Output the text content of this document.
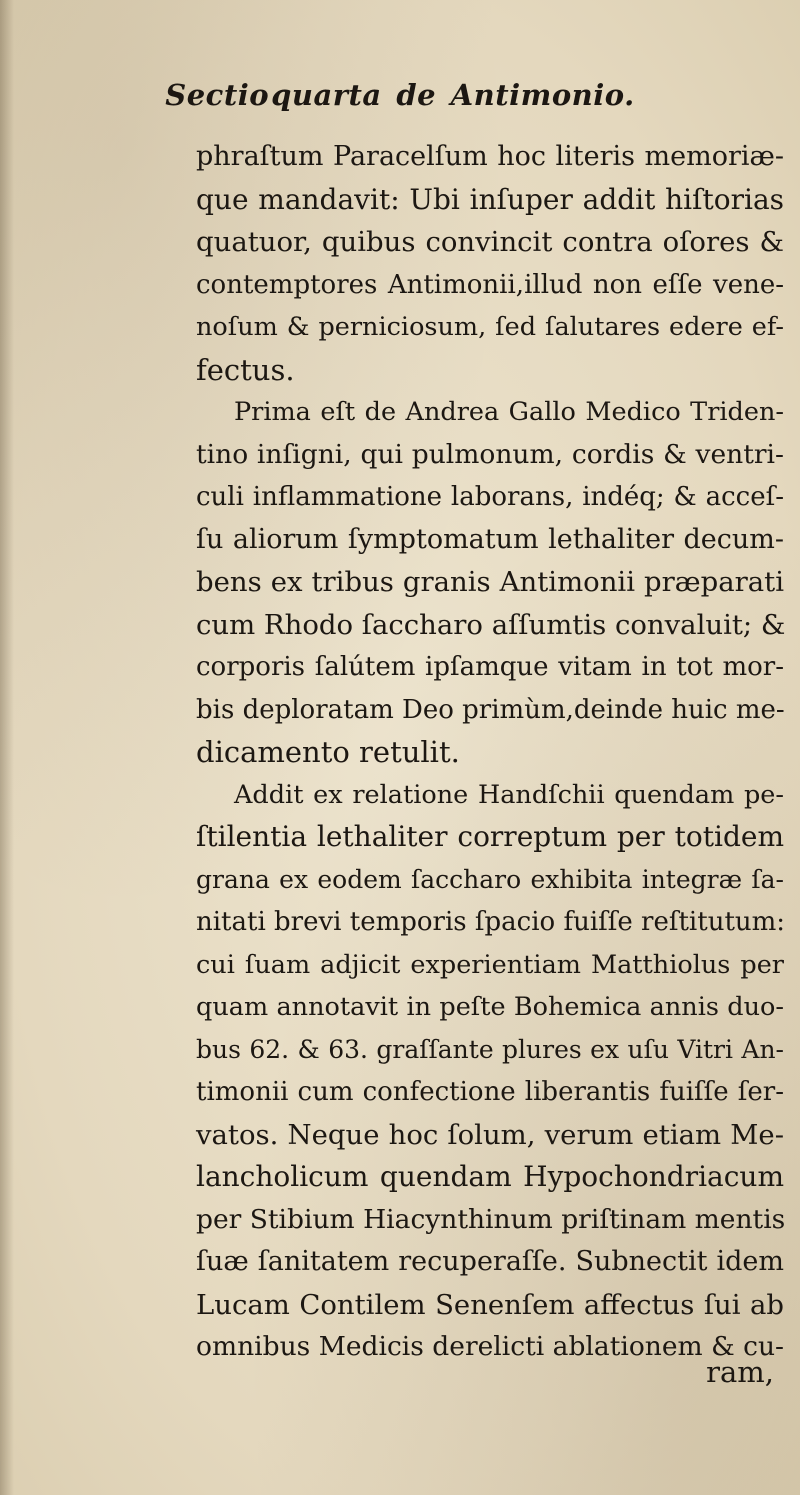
Sectioquarta de Antimonio.
phraſtum Paracelſum hoc literis memoriæ-
que mandavit: Ubi inſuper addit hiſtorias
quatuor, quibus convincit contra oſores &
contemptores Antimonii,illud non eſſe vene-
noſum & perniciosum, ſed ſalutares edere ef-
fectus.
Prima eſt de Andrea Gallo Medico Triden-
tino inſigni, qui pulmonum, cordis & ventri-
culi inflammatione laborans, indéq; & acceſ-
ſu aliorum ſymptomatum lethaliter decum-
bens ex tribus granis Antimonii præparati
cum Rhodo ſaccharo aſſumtis convaluit; &
corporis ſalútem ipſamque vitam in tot mor-
bis deploratam Deo primùm,deinde huic me-
dicamento retulit.
Addit ex relatione Handſchii quendam pe-
ſtilentia lethaliter correptum per totidem
grana ex eodem ſaccharo exhibita integræ ſa-
nitati brevi temporis ſpacio fuiſſe reſtitutum:
cui ſuam adjicit experientiam Matthiolus per
quam annotavit in peſte Bohemica annis duo-
bus 62. & 63. graſſante plures ex uſu Vitri An-
timonii cum confectione liberantis fuiſſe ſer-
vatos. Neque hoc ſolum, verum etiam Me-
lancholicum quendam Hypochondriacum
per Stibium Hiacynthinum priſtinam mentis
ſuæ ſanitatem recuperaſſe. Subnectit idem
Lucam Contilem Senenſem affectus ſui ab
omnibus Medicis derelicti ablationem & cu-
ram,
